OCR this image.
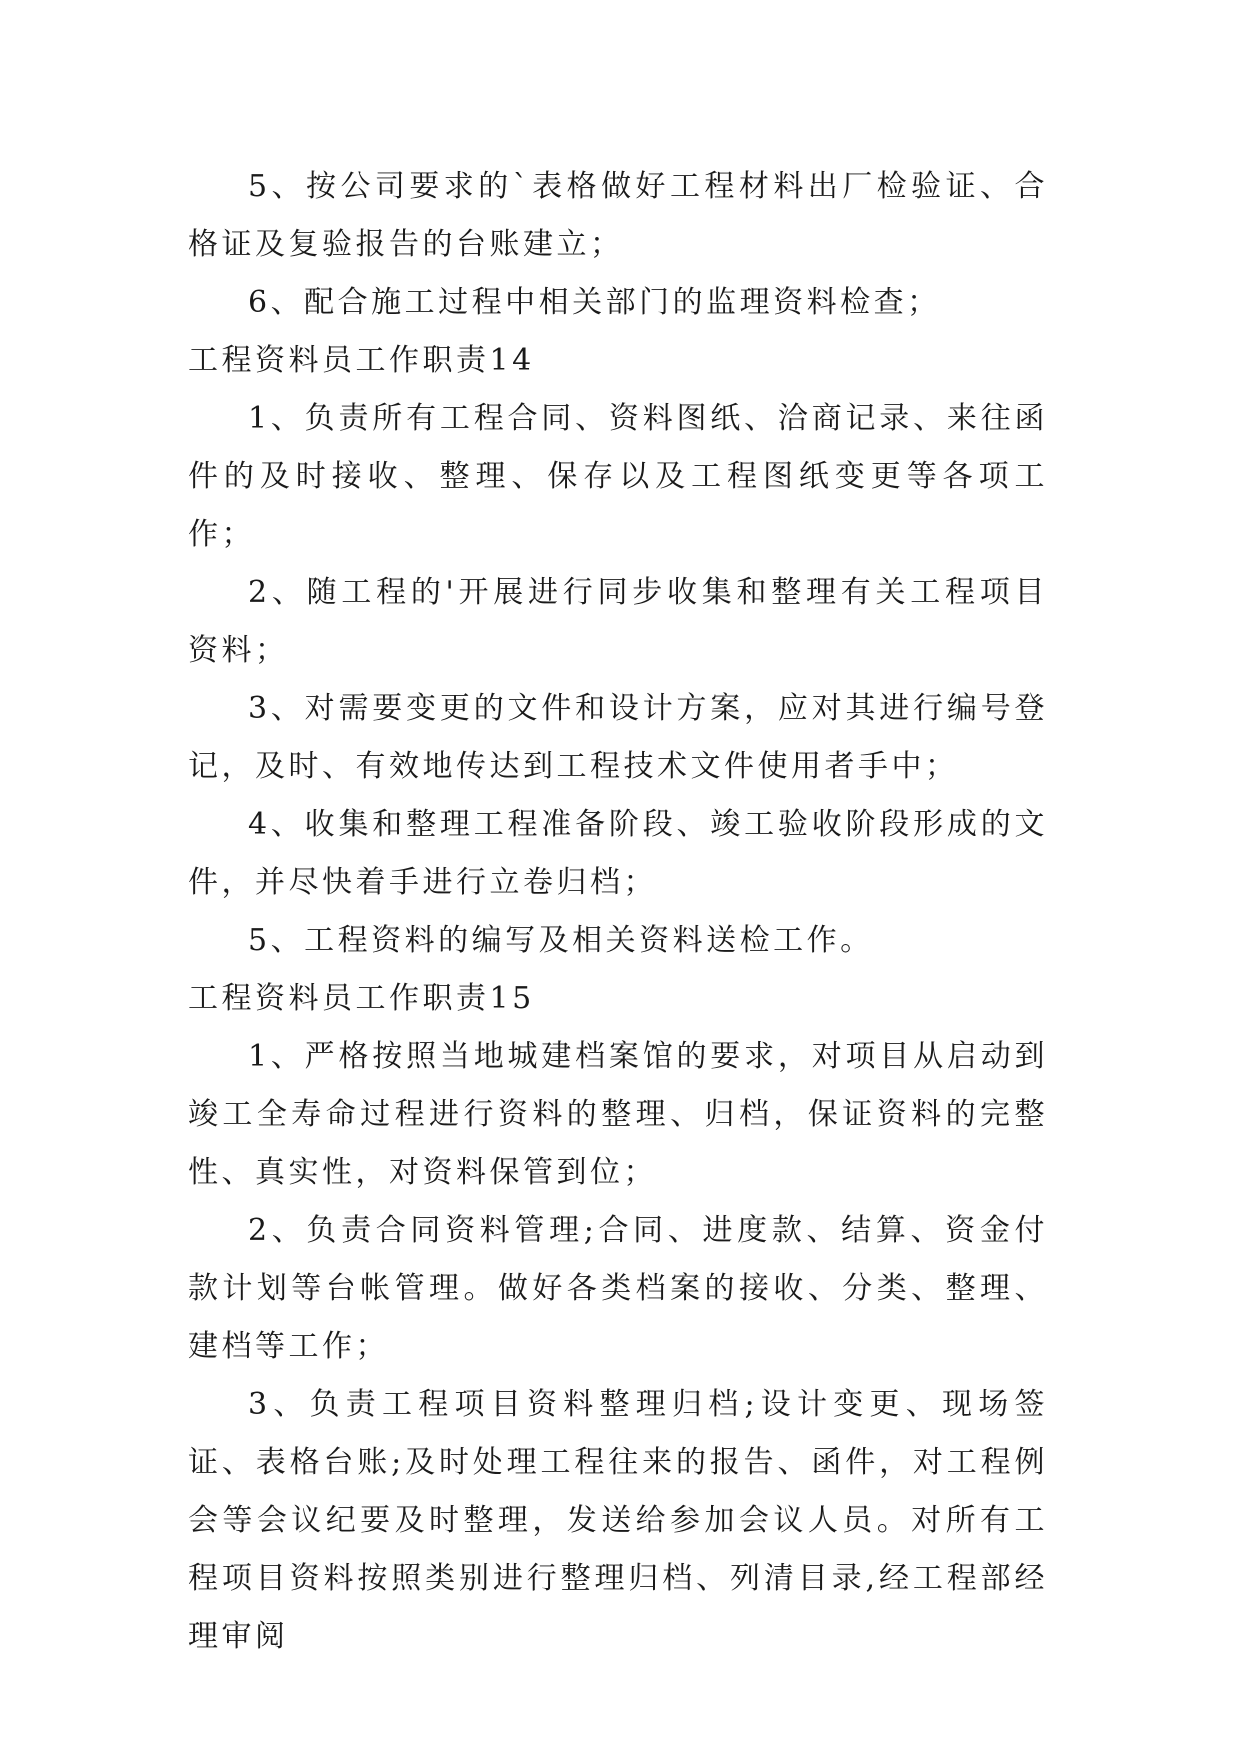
5、按公司要求的`表格做好工程材料出厂检验证、合格证及复验报告的台账建立；

6、配合施工过程中相关部门的监理资料检查；

工程资料员工作职责14

1、负责所有工程合同、资料图纸、洽商记录、来往函件的及时接收、整理、保存以及工程图纸变更等各项工作；

2、随工程的'开展进行同步收集和整理有关工程项目资料；

3、对需要变更的文件和设计方案，应对其进行编号登记，及时、有效地传达到工程技术文件使用者手中；

4、收集和整理工程准备阶段、竣工验收阶段形成的文件，并尽快着手进行立卷归档；

5、工程资料的编写及相关资料送检工作。

工程资料员工作职责15

1、严格按照当地城建档案馆的要求，对项目从启动到竣工全寿命过程进行资料的整理、归档，保证资料的完整性、真实性，对资料保管到位；

2、负责合同资料管理;合同、进度款、结算、资金付款计划等台帐管理。做好各类档案的接收、分类、整理、建档等工作；

3、负责工程项目资料整理归档;设计变更、现场签证、表格台账;及时处理工程往来的报告、函件，对工程例会等会议纪要及时整理，发送给参加会议人员。对所有工程项目资料按照类别进行整理归档、列清目录,经工程部经理审阅
